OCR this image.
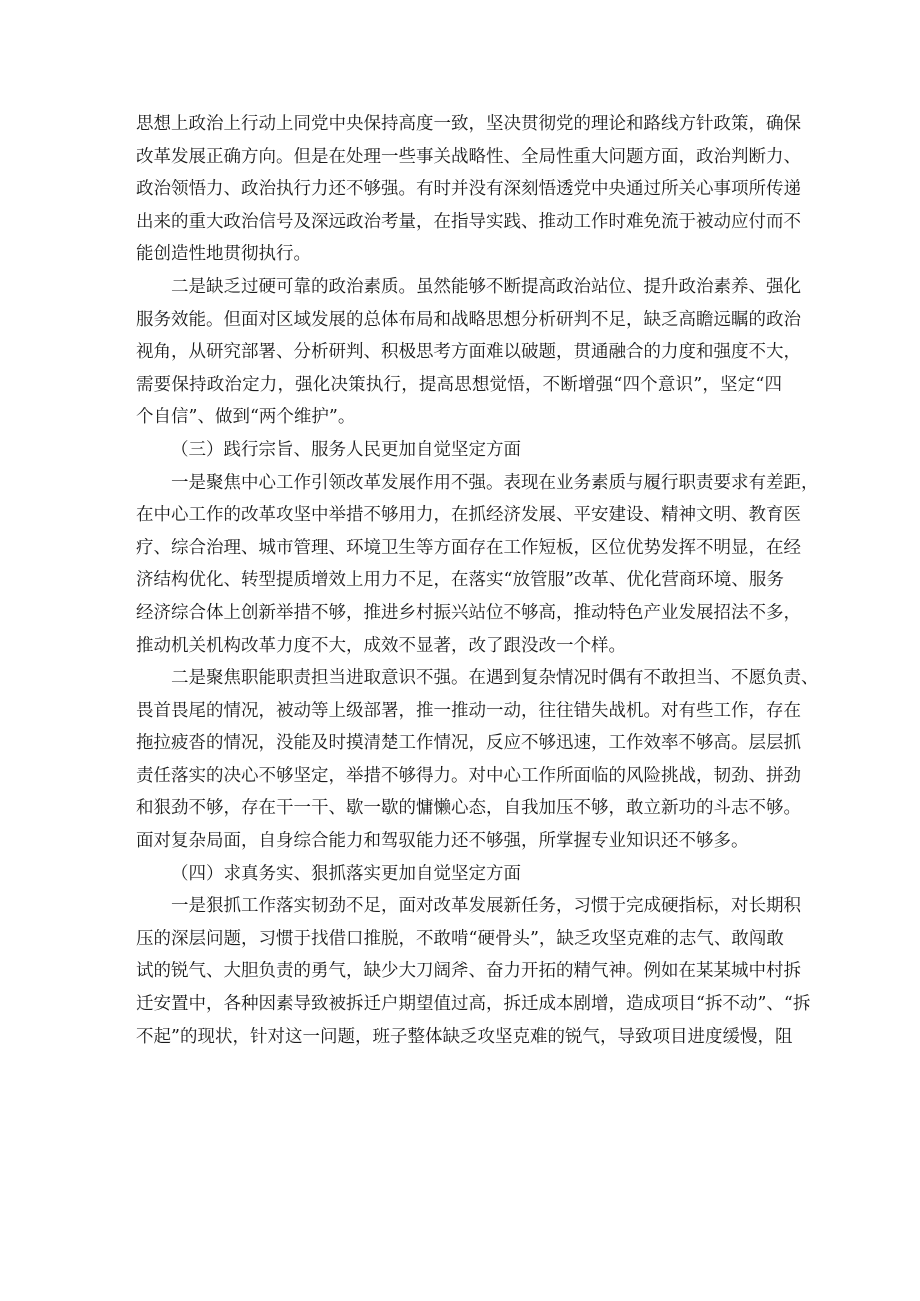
思想上政治上行动上同党中央保持高度一致，坚决贯彻党的理论和路线方针政策，确保
改革发展正确方向。但是在处理一些事关战略性、全局性重大问题方面，政治判断力、
政治领悟力、政治执行力还不够强。有时并没有深刻悟透党中央通过所关心事项所传递
出来的重大政治信号及深远政治考量，在指导实践、推动工作时难免流于被动应付而不
能创造性地贯彻执行。
二是缺乏过硬可靠的政治素质。虽然能够不断提高政治站位、提升政治素养、强化
服务效能。但面对区域发展的总体布局和战略思想分析研判不足，缺乏高瞻远瞩的政治
视角，从研究部署、分析研判、积极思考方面难以破题，贯通融合的力度和强度不大，
需要保持政治定力，强化决策执行，提高思想觉悟，不断增强“四个意识”，坚定“四
个自信”、做到“两个维护”。
（三）践行宗旨、服务人民更加自觉坚定方面
一是聚焦中心工作引领改革发展作用不强。表现在业务素质与履行职责要求有差距，
在中心工作的改革攻坚中举措不够用力，在抓经济发展、平安建设、精神文明、教育医
疗、综合治理、城市管理、环境卫生等方面存在工作短板，区位优势发挥不明显，在经
济结构优化、转型提质增效上用力不足，在落实“放管服”改革、优化营商环境、服务
经济综合体上创新举措不够，推进乡村振兴站位不够高，推动特色产业发展招法不多，
推动机关机构改革力度不大，成效不显著，改了跟没改一个样。
二是聚焦职能职责担当进取意识不强。在遇到复杂情况时偶有不敢担当、不愿负责、
畏首畏尾的情况，被动等上级部署，推一推动一动，往往错失战机。对有些工作，存在
拖拉疲沓的情况，没能及时摸清楚工作情况，反应不够迅速，工作效率不够高。层层抓
责任落实的决心不够坚定，举措不够得力。对中心工作所面临的风险挑战，韧劲、拼劲
和狠劲不够，存在干一干、歇一歇的慵懒心态，自我加压不够，敢立新功的斗志不够。
面对复杂局面，自身综合能力和驾驭能力还不够强，所掌握专业知识还不够多。
（四）求真务实、狠抓落实更加自觉坚定方面
一是狠抓工作落实韧劲不足，面对改革发展新任务，习惯于完成硬指标，对长期积
压的深层问题，习惯于找借口推脱，不敢啃“硬骨头”，缺乏攻坚克难的志气、敢闯敢
试的锐气、大胆负责的勇气，缺少大刀阔斧、奋力开拓的精气神。例如在某某城中村拆
迁安置中，各种因素导致被拆迁户期望值过高，拆迁成本剧增，造成项目“拆不动”、“拆
不起”的现状，针对这一问题，班子整体缺乏攻坚克难的锐气，导致项目进度缓慢，阻
